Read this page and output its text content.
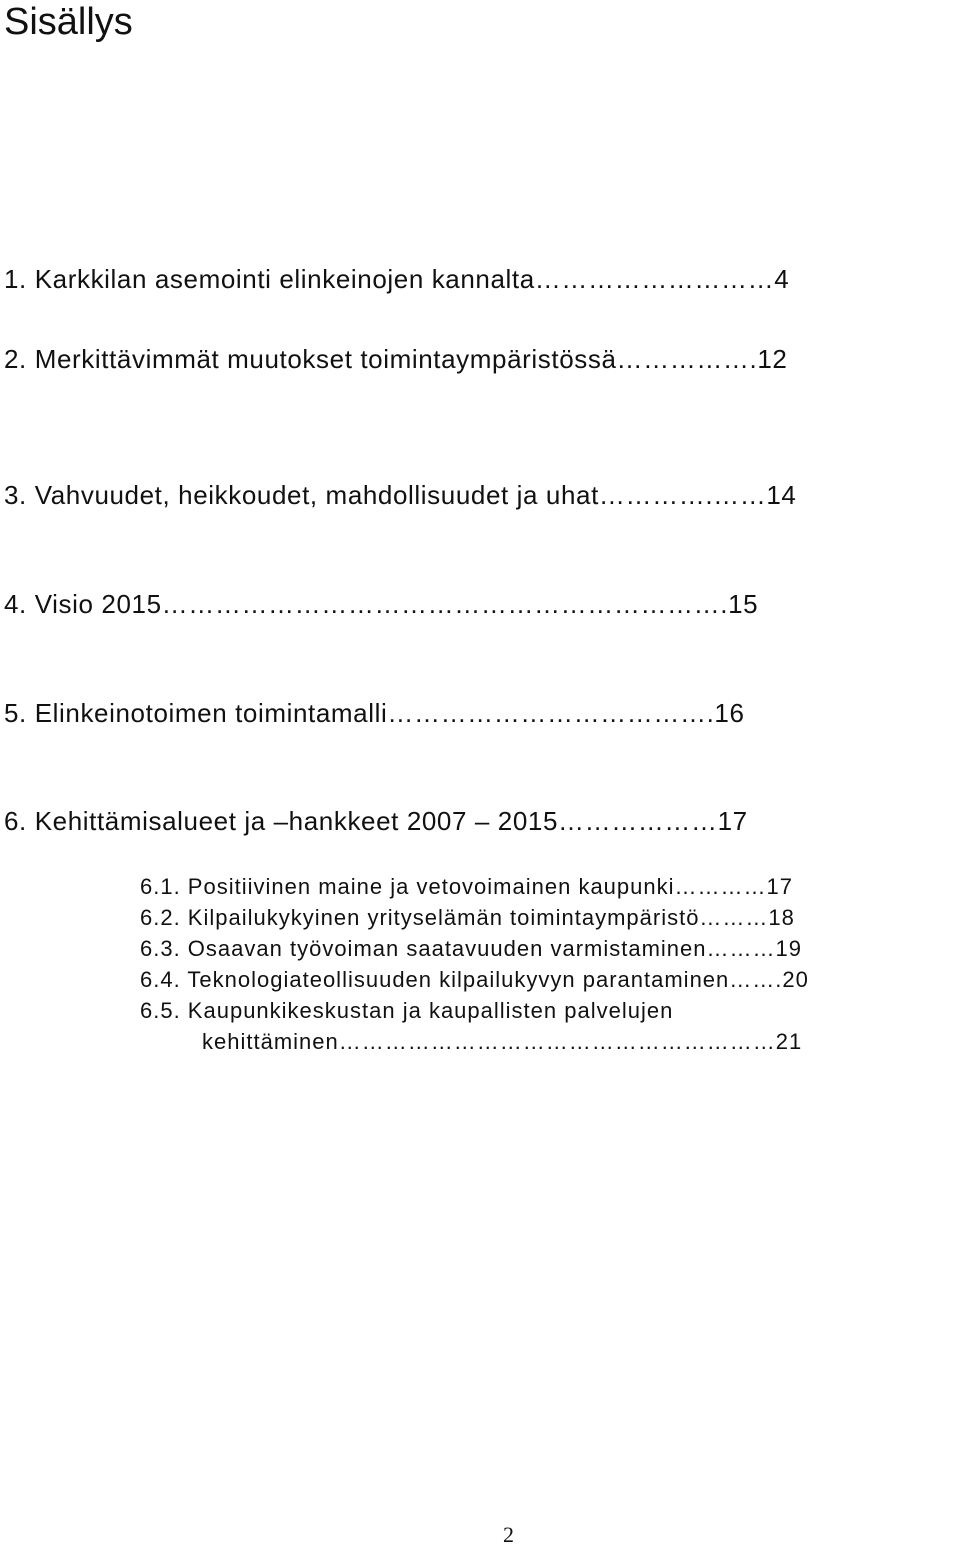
Sisällys

1. Karkkilan asemointi elinkeinojen kannalta………………………4

2. Merkittävimmät muutokset toimintaympäristössä…………….12

3. Vahvuudet, heikkoudet, mahdollisuudet ja uhat………….……14

4. Visio 2015……………………………………………………….15

5. Elinkeinotoimen toimintamalli……………………………….16

6. Kehittämisalueet ja –hankkeet 2007 – 2015………………17

6.1. Positiivinen maine ja vetovoimainen kaupunki…………17

6.2. Kilpailukykyinen yrityselämän toimintaympäristö………18

6.3. Osaavan työvoiman saatavuuden varmistaminen………19

6.4. Teknologiateollisuuden kilpailukyvyn parantaminen…….20

6.5. Kaupunkikeskustan ja kaupallisten palvelujen

kehittäminen…………………………………………………21

2
